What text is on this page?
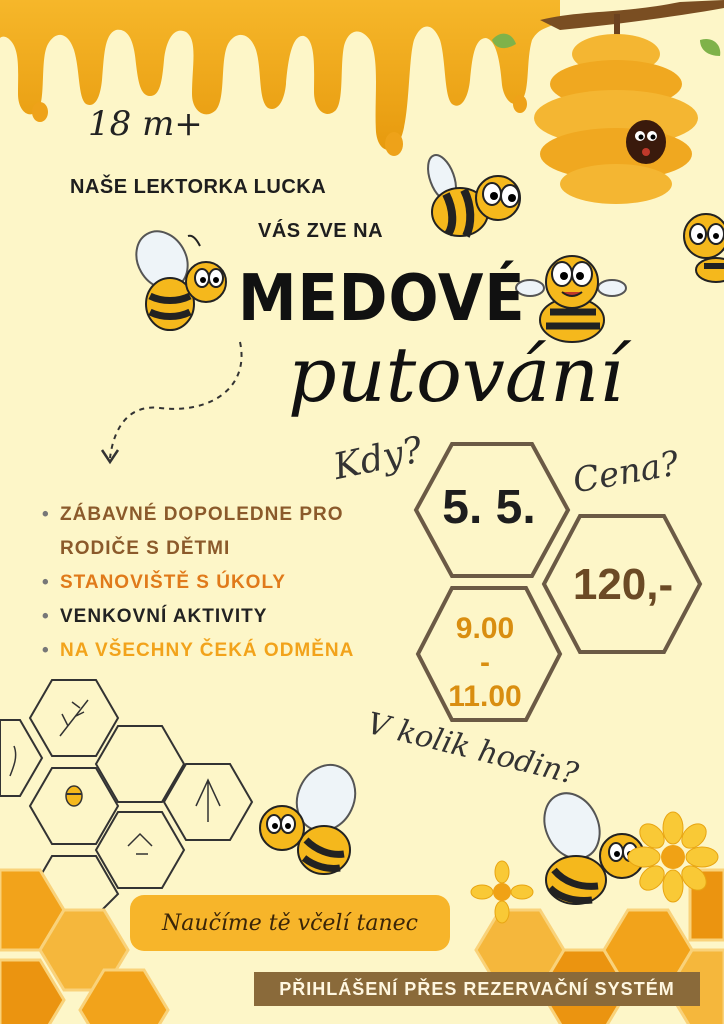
18 m+
NAŠE LEKTORKA LUCKA
VÁS ZVE NA
MEDOVÉ
putování
Kdy?	Cena?
V kolik hodin?
5. 5.
120,-
9.00
-
11.00
• ZÁBAVNÉ DOPOLEDNE PRO
RODIČE S DĚTMI
• STANOVIŠTĚ S ÚKOLY
• VENKOVNÍ AKTIVITY
• NA VŠECHNY ČEKÁ ODMĚNA
Naučíme tě včelí tanec
PŘIHLÁŠENÍ PŘES REZERVAČNÍ SYSTÉM
